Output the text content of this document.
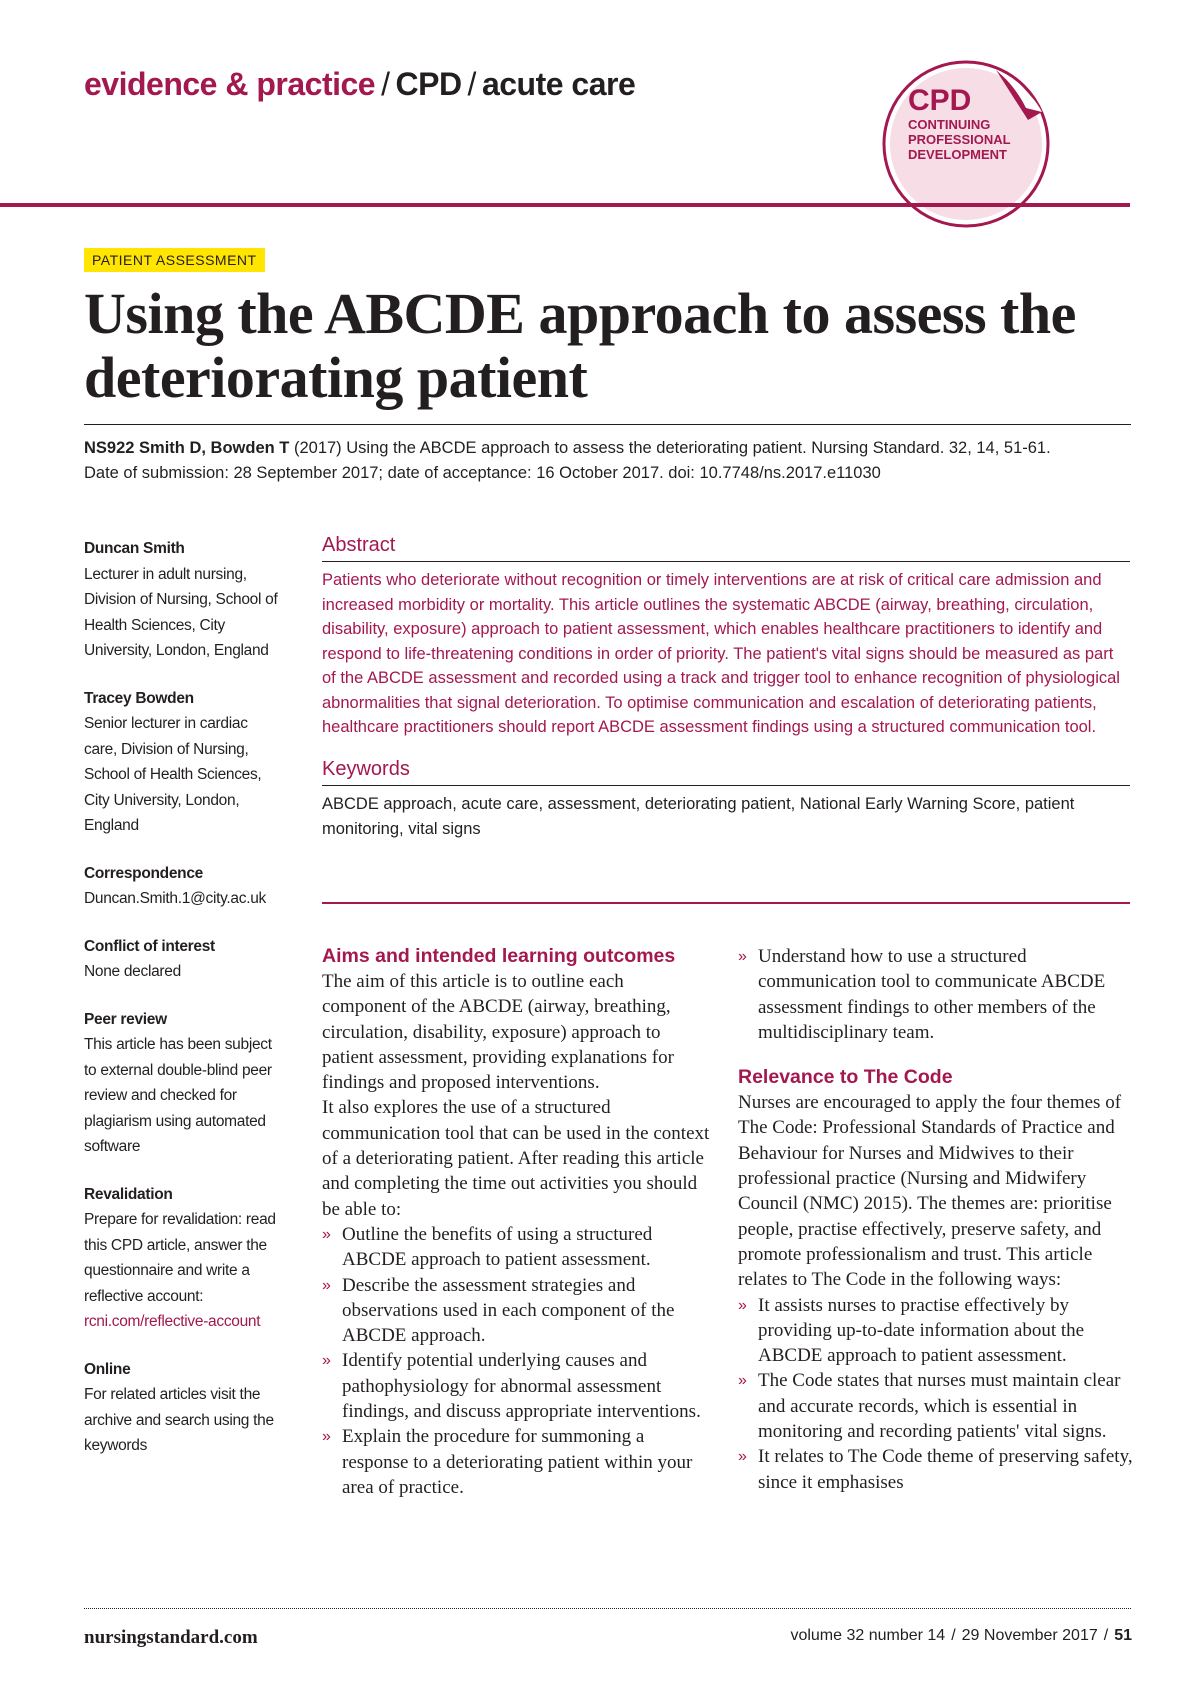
evidence & practice / CPD / acute care	CPD
CONTINUING
PROFESSIONAL
DEVELOPMENT
PATIENT ASSESSMENT
Using the ABCDE approach to assess the deteriorating patient
NS922 Smith D, Bowden T (2017) Using the ABCDE approach to assess the deteriorating patient. Nursing Standard. 32, 14, 51-61.
Date of submission: 28 September 2017; date of acceptance: 16 October 2017. doi: 10.7748/ns.2017.e11030
Duncan Smith
Lecturer in adult nursing, Division of Nursing, School of Health Sciences, City University, London, England
Tracey Bowden
Senior lecturer in cardiac care, Division of Nursing, School of Health Sciences, City University, London, England
Correspondence
Duncan.Smith.1@city.ac.uk
Conflict of interest
None declared
Peer review
This article has been subject to external double-blind peer review and checked for plagiarism using automated software
Revalidation
Prepare for revalidation: read this CPD article, answer the questionnaire and write a reflective account: rcni.com/reflective-account
Online
For related articles visit the archive and search using the keywords
Abstract
Patients who deteriorate without recognition or timely interventions are at risk of critical care admission and increased morbidity or mortality. This article outlines the systematic ABCDE (airway, breathing, circulation, disability, exposure) approach to patient assessment, which enables healthcare practitioners to identify and respond to life-threatening conditions in order of priority. The patient's vital signs should be measured as part of the ABCDE assessment and recorded using a track and trigger tool to enhance recognition of physiological abnormalities that signal deterioration. To optimise communication and escalation of deteriorating patients, healthcare practitioners should report ABCDE assessment findings using a structured communication tool.
Keywords
ABCDE approach, acute care, assessment, deteriorating patient, National Early Warning Score, patient monitoring, vital signs
Aims and intended learning outcomes

The aim of this article is to outline each component of the ABCDE (airway, breathing, circulation, disability, exposure) approach to patient assessment, providing explanations for findings and proposed interventions.

It also explores the use of a structured communication tool that can be used in the context of a deteriorating patient. After reading this article and completing the time out activities you should be able to:

» Outline the benefits of using a structured ABCDE approach to patient assessment.
» Describe the assessment strategies and observations used in each component of the ABCDE approach.
» Identify potential underlying causes and pathophysiology for abnormal assessment findings, and discuss appropriate interventions.
» Explain the procedure for summoning a response to a deteriorating patient within your area of practice.
» Understand how to use a structured communication tool to communicate ABCDE assessment findings to other members of the multidisciplinary team.
Relevance to The Code

Nurses are encouraged to apply the four themes of The Code: Professional Standards of Practice and Behaviour for Nurses and Midwives to their professional practice (Nursing and Midwifery Council (NMC) 2015). The themes are: prioritise people, practise effectively, preserve safety, and promote professionalism and trust. This article relates to The Code in the following ways:

» It assists nurses to practise effectively by providing up-to-date information about the ABCDE approach to patient assessment.
» The Code states that nurses must maintain clear and accurate records, which is essential in monitoring and recording patients' vital signs.
» It relates to The Code theme of preserving safety, since it emphasises
nursingstandard.com	volume 32 number 14 / 29 November 2017 / 51
